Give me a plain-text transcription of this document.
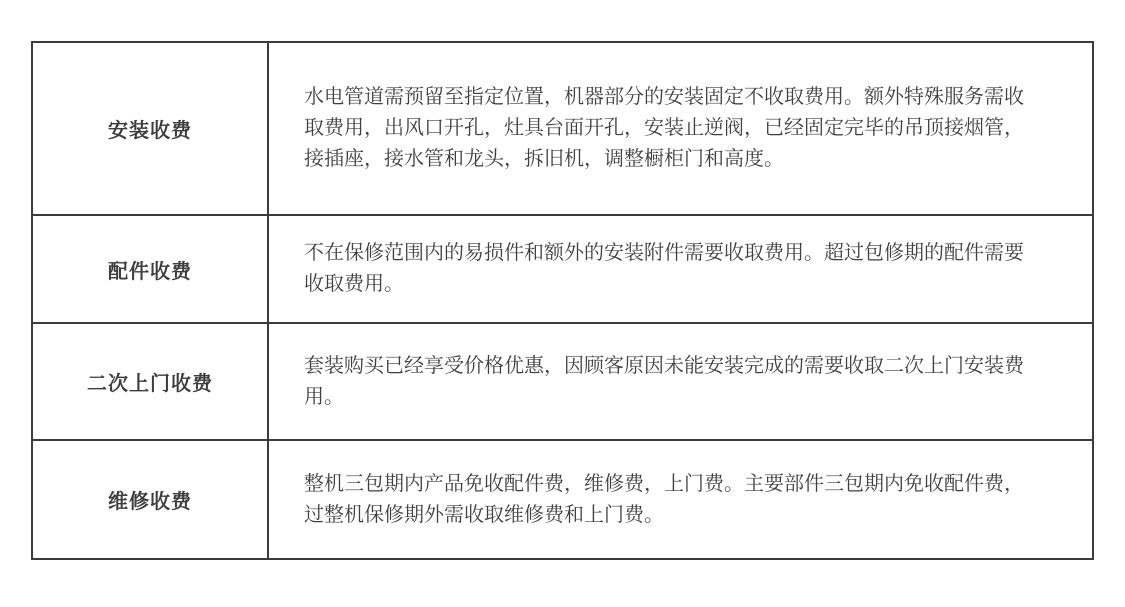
安装收费

水电管道需预留至指定位置，机器部分的安装固定不收取费用。额外特殊服务需收取费用，出风口开孔，灶具台面开孔，安装止逆阀，已经固定完毕的吊顶接烟管，接插座，接水管和龙头，拆旧机，调整橱柜门和高度。

配件收费

不在保修范围内的易损件和额外的安装附件需要收取费用。超过包修期的配件需要收取费用。

二次上门收费

套装购买已经享受价格优惠，因顾客原因未能安装完成的需要收取二次上门安装费用。

维修收费

整机三包期内产品免收配件费，维修费，上门费。主要部件三包期内免收配件费，过整机保修期外需收取维修费和上门费。
